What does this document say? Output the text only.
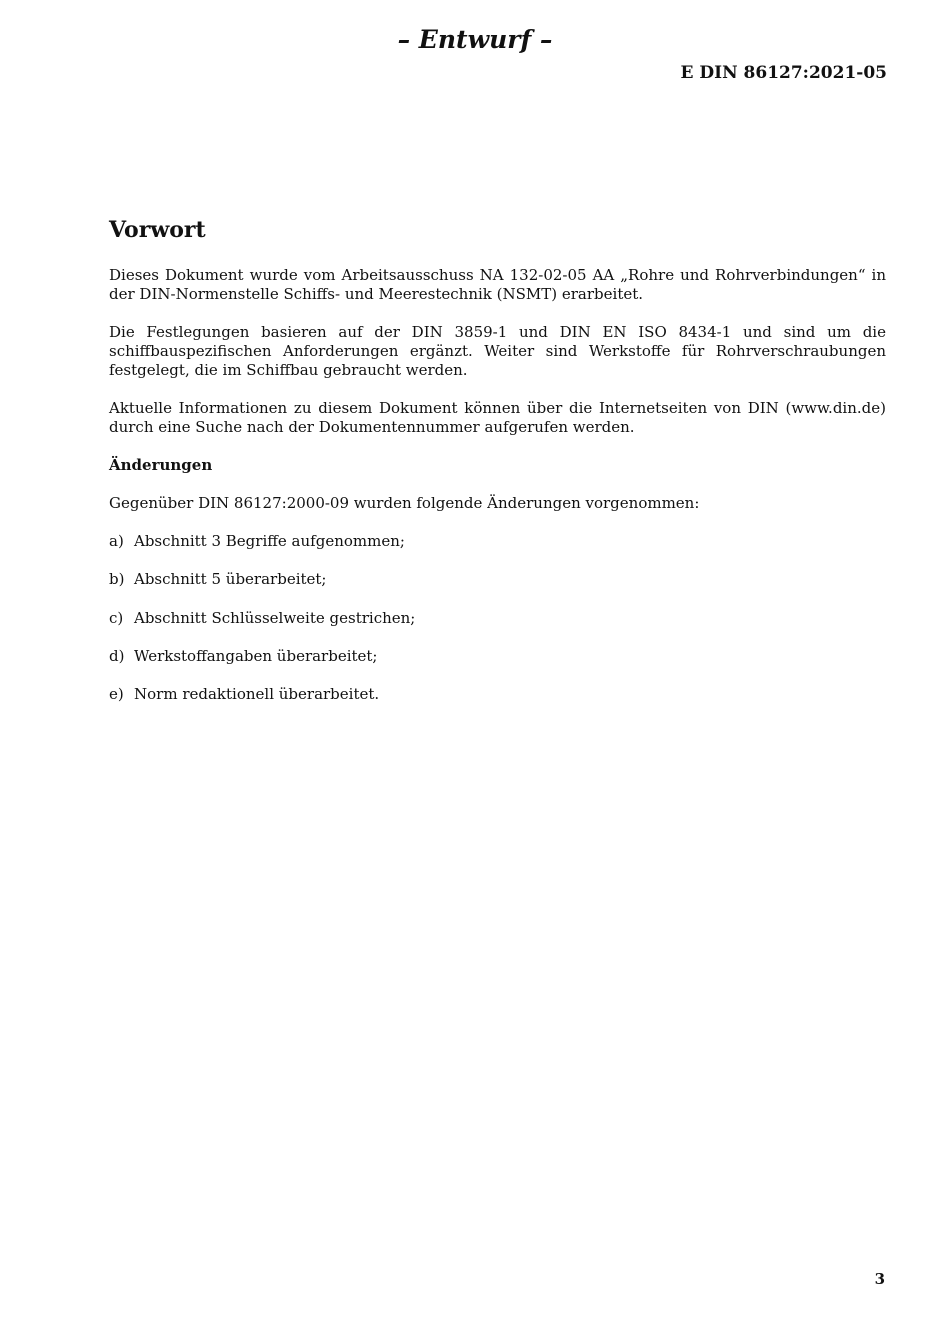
– Entwurf –
E DIN 86127:2021-05
Vorwort

Dieses Dokument wurde vom Arbeitsausschuss NA 132-02-05 AA „Rohre und Rohrverbindungen“ in der DIN-Normenstelle Schiffs- und Meerestechnik (NSMT) erarbeitet.

Die Festlegungen basieren auf der DIN 3859-1 und DIN EN ISO 8434-1 und sind um die schiffbauspezifischen Anforderungen ergänzt. Weiter sind Werkstoffe für Rohrverschraubungen festgelegt, die im Schiffbau gebraucht werden.

Aktuelle Informationen zu diesem Dokument können über die Internetseiten von DIN (www.din.de) durch eine Suche nach der Dokumentennummer aufgerufen werden.

Änderungen

Gegenüber DIN 86127:2000-09 wurden folgende Änderungen vorgenommen:

a) Abschnitt 3 Begriffe aufgenommen;
b) Abschnitt 5 überarbeitet;
c) Abschnitt Schlüsselweite gestrichen;
d) Werkstoffangaben überarbeitet;
e) Norm redaktionell überarbeitet.
3
